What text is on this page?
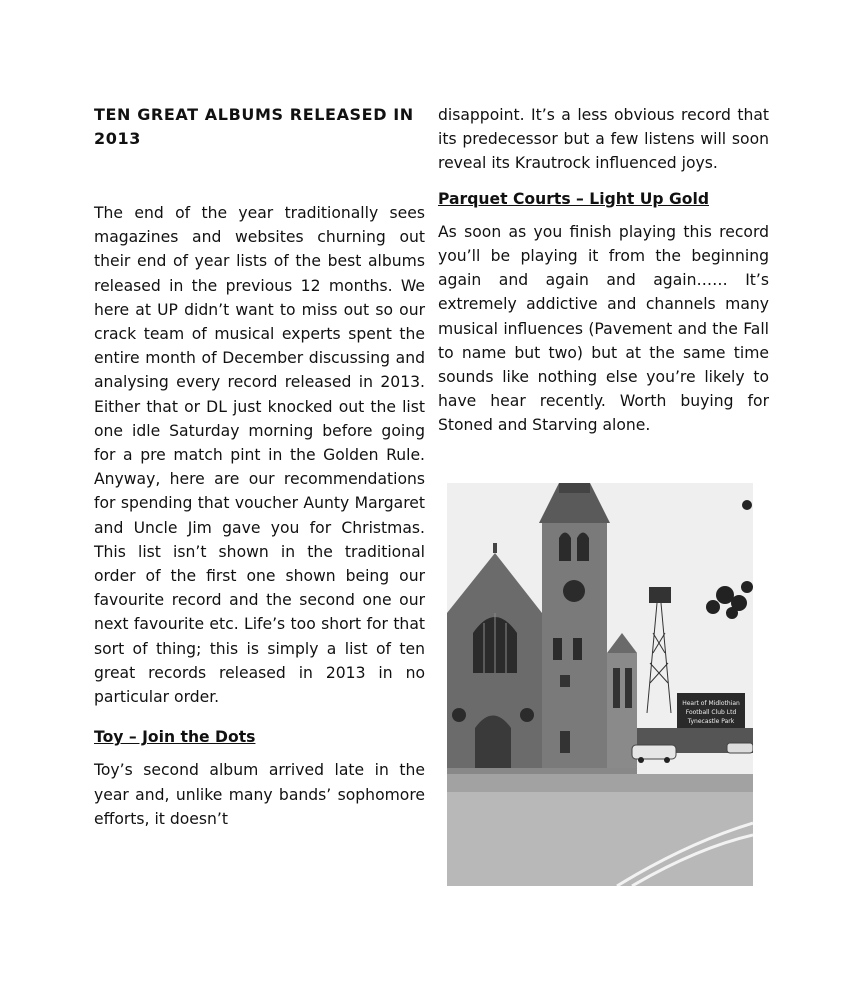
TEN GREAT ALBUMS RELEASED IN 2013

The end of the year traditionally sees magazines and websites churning out their end of year lists of the best albums released in the previous 12 months. We here at UP didn’t want to miss out so our crack team of musical experts spent the entire month of December discussing and analysing every record released in 2013. Either that or DL just knocked out the list one idle Saturday morning before going for a pre match pint in the Golden Rule. Anyway, here are our recommendations for spending that voucher Aunty Margaret and Uncle Jim gave you for Christmas. This list isn’t shown in the traditional order of the first one shown being our favourite record and the second one our next favourite etc. Life’s too short for that sort of thing; this is simply a list of ten great records released in 2013 in no particular order.

Toy – Join the Dots

Toy’s second album arrived late in the year and, unlike many bands’ sophomore efforts, it doesn’t

disappoint. It’s a less obvious record that its predecessor but a few listens will soon reveal its Krautrock influenced joys.

Parquet Courts – Light Up Gold

As soon as you finish playing this record you’ll be playing it from the beginning again and again and again…… It’s extremely addictive and channels many musical influences (Pavement and the Fall to name but two) but at the same time sounds like nothing else you’re likely to have hear recently. Worth buying for Stoned and Starving alone.

Heart of Midlothian
Football Club Ltd
Tynecastle Park
